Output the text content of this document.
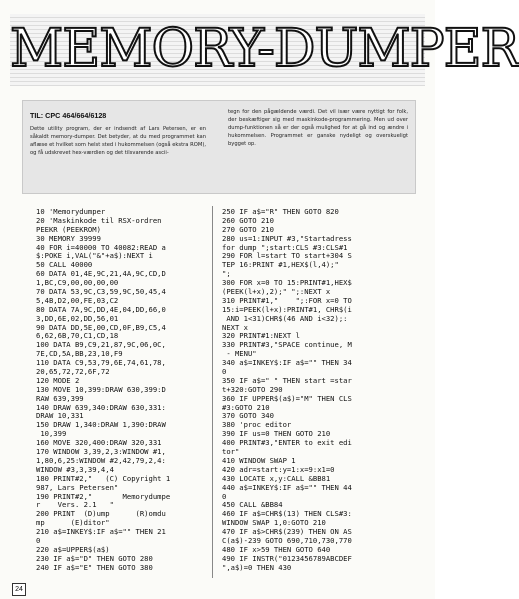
MEMORY-DUMPER
TIL: CPC 464/664/6128
Dette utility program, der er indsendt af Lars Petersen, er en såkaldt memory-dumper. Det betyder, at du med programmet kan aflæse et hvilket som helst sted i hukommelsen (også ekstra ROM), og få udskrevet hex-værdien og det tilsvarende ascii-
tegn for den pågældende værdi. Det vil især være nyttigt for folk, der beskæftiger sig med maskinkode-programmering. Men ud over dump-funktionen så er der også mulighed for at gå ind og ændre i hukommelsen. Programmet er ganske nydeligt og overskueligt bygget op.
10 'Memorydumper
20 'Maskinkode til RSX-ordren
PEEKR (PEEKROM)
30 MEMORY 39999
40 FOR i=40000 TO 40082:READ a
$:POKE i,VAL("&"+a$):NEXT i
50 CALL 40000
60 DATA 01,4E,9C,21,4A,9C,CD,D
1,BC,C9,00,00,00,00
70 DATA 53,9C,C3,59,9C,50,45,4
5,4B,D2,00,FE,03,C2
80 DATA 7A,9C,DD,4E,04,DD,66,0
3,DD,6E,02,DD,56,01
90 DATA DD,5E,00,CD,0F,B9,C5,4
6,62,6B,70,C1,CD,18
100 DATA B9,C9,21,87,9C,06,0C,
7E,CD,5A,BB,23,10,F9
110 DATA C9,53,79,6E,74,61,78,
20,65,72,72,6F,72
120 MODE 2
130 MOVE 10,399:DRAW 630,399:D
RAW 639,399
140 DRAW 639,340:DRAW 630,331:
DRAW 10,331
150 DRAW 1,340:DRAW 1,390:DRAW
10,399
160 MOVE 320,400:DRAW 320,331
170 WINDOW 3,39,2,3:WINDOW #1,
1,80,6,25:WINDOW #2,42,79,2,4:
WINDOW #3,3,39,4,4
180 PRINT#2,"   (C) Copyright 1
987, Lars Petersen"
190 PRINT#2,"       Memorydumpe
r    Vers. 2.1   "
200 PRINT  (D)ump      (R)omdu
mp      (E)ditor"
210 a$=INKEY$:IF a$="" THEN 21
0
220 a$=UPPER$(a$)
230 IF a$="D" THEN GOTO 280
240 IF a$="E" THEN GOTO 380
250 IF a$="R" THEN GOTO 820
260 GOTO 210
270 GOTO 210
280 us=1:INPUT #3,"Startadress
for dump ";start:CLS #3:CLS#1
290 FOR l=start TO start+304 S
TEP 16:PRINT #1,HEX$(l,4);"
";
300 FOR x=0 TO 15:PRINT#1,HEX$
(PEEK(l+x),2);" ";:NEXT x
310 PRINT#1,"    ";:FOR x=0 TO
15:i=PEEK(l+x):PRINT#1, CHR$(i
AND 1<31)CHR$(46 AND i<32);:
NEXT x
320 PRINT#1:NEXT l
330 PRINT#3,"SPACE continue, M
- MENU"
340 a$=INKEY$:IF a$="" THEN 34
0
350 IF a$=" " THEN start =star
t+320:GOTO 290
360 IF UPPER$(a$)="M" THEN CLS
#3:GOTO 210
370 GOTO 340
380 'proc editor
390 IF us=0 THEN GOTO 210
400 PRINT#3,"ENTER to exit edi
tor"
410 WINDOW SWAP 1
420 adr=start:y=1:x=9:x1=0
430 LOCATE x,y:CALL &BB81
440 a$=INKEY$:IF a$="" THEN 44
0
450 CALL &BB84
460 IF a$=CHR$(13) THEN CLS#3:
WINDOW SWAP 1,0:GOTO 210
470 IF a$>CHR$(239) THEN ON AS
C(a$)-239 GOTO 690,710,730,770
480 IF x>59 THEN GOTO 640
490 IF INSTR("0123456789ABCDEF
",a$)=0 THEN 430
24
